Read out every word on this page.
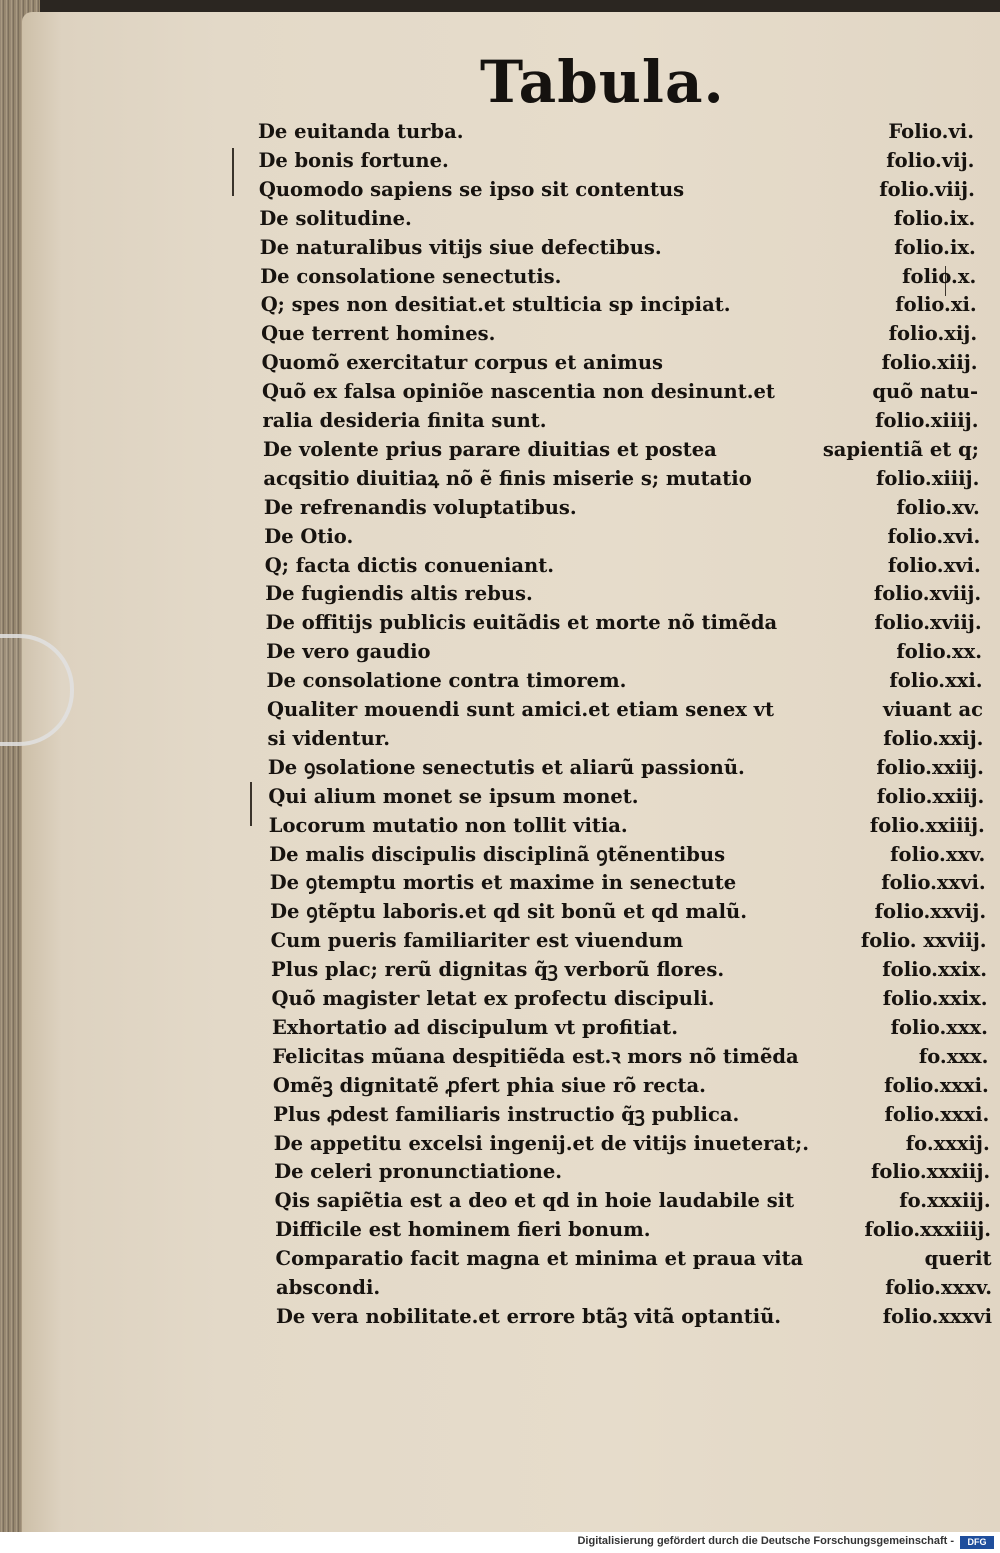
Tabula.
De euitanda turba.	Folio.vi.
De bonis fortune.	folio.vij.
Quomodo sapiens se ipso sit contentus	folio.viij.
De solitudine.	folio.ix.
De naturalibus vitijs siue defectibus.	folio.ix.
De consolatione senectutis.	folio.x.
Q; spes non desitiat.et stulticia sp incipiat.	folio.xi.
Que terrent homines.	folio.xij.
Quomõ exercitatur corpus et animus	folio.xiij.
Quõ ex falsa opiniõe nascentia non desinunt.et	quõ natu-
ralia desideria finita sunt.	folio.xiiij.
De volente prius parare diuitias et postea	sapientiã et q;
acqsitio diuitiaꝝ nõ ẽ finis miserie s; mutatio	folio.xiiij.
De refrenandis voluptatibus.	folio.xv.
De Otio.	folio.xvi.
Q; facta dictis conueniant.	folio.xvi.
De fugiendis altis rebus.	folio.xviij.
De offitijs publicis euitãdis et morte nõ timẽda	folio.xviij.
De vero gaudio	folio.xx.
De consolatione contra timorem.	folio.xxi.
Qualiter mouendi sunt amici.et etiam senex vt	viuant ac
si videntur.	folio.xxij.
De ꝯsolatione senectutis et aliarũ passionũ.	folio.xxiij.
Qui alium monet se ipsum monet.	folio.xxiij.
Locorum mutatio non tollit vitia.	folio.xxiiij.
De malis discipulis disciplinã ꝯtẽnentibus	folio.xxv.
De ꝯtemptu mortis et maxime in senectute	folio.xxvi.
De ꝯtẽptu laboris.et qd sit bonũ et qd malũ.	folio.xxvij.
Cum pueris familiariter est viuendum	folio. xxviij.
Plus plac; rerũ dignitas q̃ꝫ verborũ flores.	folio.xxix.
Quõ magister letat ex profectu discipuli.	folio.xxix.
Exhortatio ad discipulum vt profitiat.	folio.xxx.
Felicitas mũana despitiẽda est.ꝛ mors nõ timẽda	fo.xxx.
Omẽꝫ dignitatẽ ꝓfert phia siue rõ recta.	folio.xxxi.
Plus ꝓdest familiaris instructio q̃ꝫ publica.	folio.xxxi.
De appetitu excelsi ingenij.et de vitijs inueterat;.	fo.xxxij.
De celeri pronunctiatione.	folio.xxxiij.
Qis sapiẽtia est a deo et qd in hoie laudabile sit	fo.xxxiij.
Difficile est hominem fieri bonum.	folio.xxxiiij.
Comparatio facit magna et minima et praua vita	querit
abscondi.	folio.xxxv.
De vera nobilitate.et errore btãꝫ vitã optantiũ.	folio.xxxvi
Digitalisierung gefördert durch die Deutsche Forschungsgemeinschaft -	DFG
